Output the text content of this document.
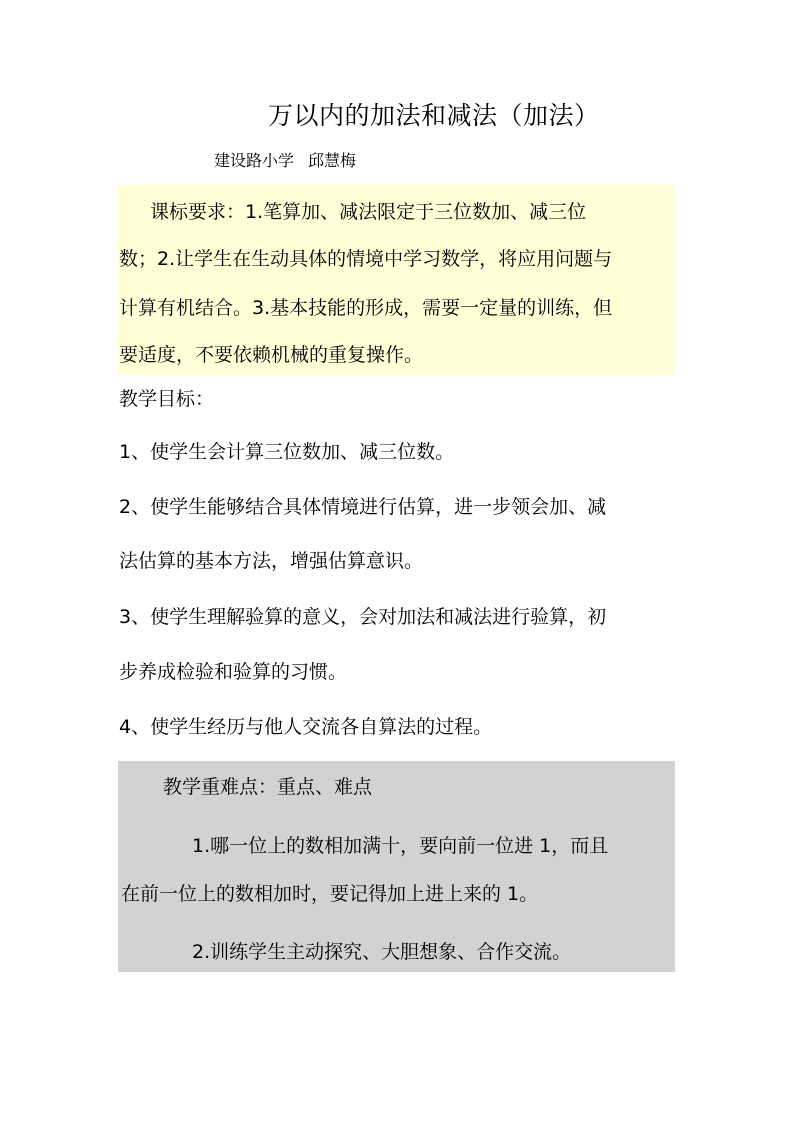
万以内的加法和减法（加法）
建设路小学 邱慧梅
课标要求：1.笔算加、减法限定于三位数加、减三位
数；2.让学生在生动具体的情境中学习数学，将应用问题与
计算有机结合。3.基本技能的形成，需要一定量的训练，但
要适度，不要依赖机械的重复操作。
教学目标：
1、使学生会计算三位数加、减三位数。
2、使学生能够结合具体情境进行估算，进一步领会加、减
法估算的基本方法，增强估算意识。
3、使学生理解验算的意义，会对加法和减法进行验算，初
步养成检验和验算的习惯。
4、使学生经历与他人交流各自算法的过程。
教学重难点：重点、难点
1.哪一位上的数相加满十，要向前一位进 1，而且
在前一位上的数相加时，要记得加上进上来的 1。
2.训练学生主动探究、大胆想象、合作交流。
